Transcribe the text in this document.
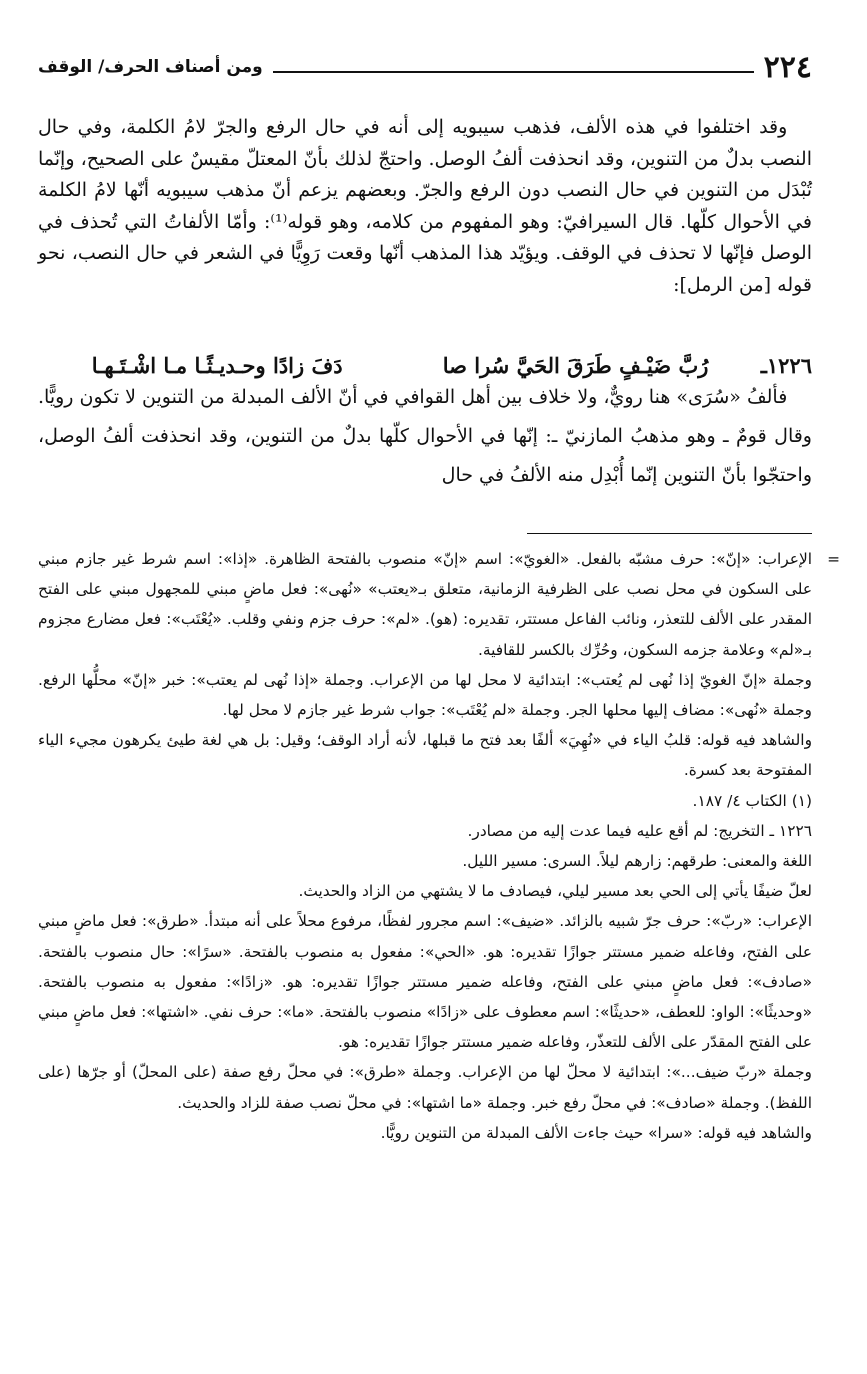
٢٢٤
ومن أصناف الحرف/ الوقف

وقد اختلفوا في هذه الألف، فذهب سيبويه إلى أنه في حال الرفع والجرّ لامُ الكلمة، وفي حال النصب بدلٌ من التنوين، وقد انحذفت ألفُ الوصل. واحتجّ لذلك بأنّ المعتلّ مقيسٌ على الصحيح، وإنّما تُبْدَل من التنوين في حال النصب دون الرفع والجرّ. وبعضهم يزعم أنّ مذهب سيبويه أنّها لامُ الكلمة في الأحوال كلّها. قال السيرافيّ: وهو المفهوم من كلامه، وهو قوله⁽¹⁾: وأمّا الألفاتُ التي تُحذف في الوصل فإنّها لا تحذف في الوقف. ويؤيّد هذا المذهب أنّها وقعت رَوِيًّا في الشعر في حال النصب، نحو قوله [من الرمل]:

١٢٢٦ـ
رُبَّ ضَيْـفٍ طَرَقَ الحَيَّ سُرا صا
دَفَ زادًا وحـديـثًـا مـا اشْـتَـهـا

فألفُ «سُرَى» هنا رويٌّ، ولا خلاف بين أهل القوافي في أنّ الألف المبدلة من التنوين لا تكون رويًّا. وقال قومٌ ـ وهو مذهبُ المازنيّ ـ: إنّها في الأحوال كلّها بدلٌ من التنوين، وقد انحذفت ألفُ الوصل، واحتجّوا بأنّ التنوين إنّما أُبْدِل منه الألفُ في حال

=

الإعراب: «إنّ»: حرف مشبّه بالفعل. «الغويّ»: اسم «إنّ» منصوب بالفتحة الظاهرة. «إذا»: اسم شرط غير جازم مبني على السكون في محل نصب على الظرفية الزمانية، متعلق بـ«يعتب» «نُهى»: فعل ماضٍ مبني للمجهول مبني على الفتح المقدر على الألف للتعذر، ونائب الفاعل مستتر، تقديره: (هو). «لم»: حرف جزم ونفي وقلب. «يُعْتَب»: فعل مضارع مجزوم بـ«لم» وعلامة جزمه السكون، وحُرِّك بالكسر للقافية.

وجملة «إنّ الغويّ إذا نُهى لم يُعتب»: ابتدائية لا محل لها من الإعراب. وجملة «إذا نُهى لم يعتب»: خبر «إنّ» محلُّها الرفع. وجملة «نُهى»: مضاف إليها محلها الجر. وجملة «لم يُعْتَب»: جواب شرط غير جازم لا محل لها.

والشاهد فيه قوله: قلبُ الياء في «نُهِيَ» ألفًا بعد فتح ما قبلها، لأنه أراد الوقف؛ وقيل: بل هي لغة طيئ يكرهون مجيء الياء المفتوحة بعد كسرة.

(١) الكتاب ٤/ ١٨٧.

١٢٢٦ ـ التخريج: لم أقع عليه فيما عدت إليه من مصادر.

اللغة والمعنى: طرقهم: زارهم ليلاً. السرى: مسير الليل.

لعلّ ضيفًا يأتي إلى الحي بعد مسير ليلي، فيصادف ما لا يشتهي من الزاد والحديث.

الإعراب: «ربّ»: حرف جرّ شبيه بالزائد. «ضيف»: اسم مجرور لفظًا، مرفوع محلاً على أنه مبتدأ. «طرق»: فعل ماضٍ مبني على الفتح، وفاعله ضمير مستتر جوازًا تقديره: هو. «الحي»: مفعول به منصوب بالفتحة. «سرًا»: حال منصوب بالفتحة. «صادف»: فعل ماضٍ مبني على الفتح، وفاعله ضمير مستتر جوازًا تقديره: هو. «زادًا»: مفعول به منصوب بالفتحة. «وحديثًا»: الواو: للعطف، «حديثًا»: اسم معطوف على «زادًا» منصوب بالفتحة. «ما»: حرف نفي. «اشتها»: فعل ماضٍ مبني على الفتح المقدّر على الألف للتعذّر، وفاعله ضمير مستتر جوازًا تقديره: هو.

وجملة «ربّ ضيف...»: ابتدائية لا محلّ لها من الإعراب. وجملة «طرق»: في محلّ رفع صفة (على المحلّ) أو جرّها (على اللفظ). وجملة «صادف»: في محلّ رفع خبر. وجملة «ما اشتها»: في محلّ نصب صفة للزاد والحديث.

والشاهد فيه قوله: «سرا» حيث جاءت الألف المبدلة من التنوين رويًّا.
